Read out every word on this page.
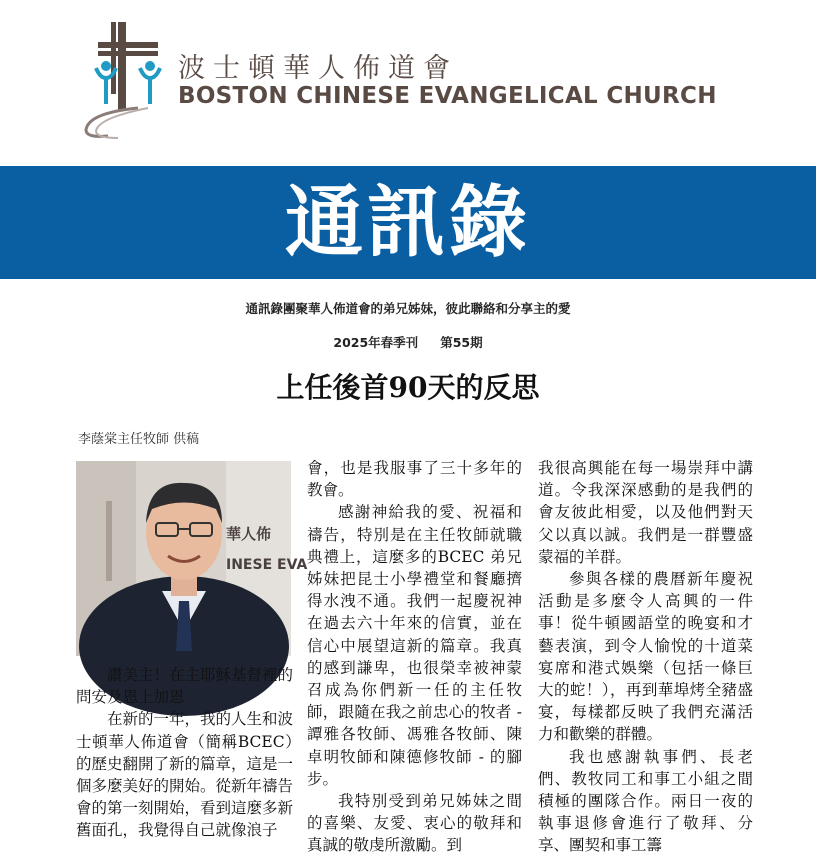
波士頓華人佈道會
BOSTON CHINESE EVANGELICAL CHURCH
通訊錄
通訊錄團聚華人佈道會的弟兄姊妹，彼此聯絡和分享主的愛
2025年春季刊 第55期
上任後首90天的反思
李蔭棠主任牧師 供稿
華人佈
INESE EVA

讚美主！在主耶穌基督裡的問安及恩上加恩

在新的一年，我的人生和波士頓華人佈道會（簡稱BCEC）的歷史翻開了新的篇章，這是一個多麼美好的開始。從新年禱告會的第一刻開始，看到這麼多新舊面孔，我覺得自己就像浪子

會，也是我服事了三十多年的教會。

感謝神給我的愛、祝福和禱告，特別是在主任牧師就職典禮上，這麼多的BCEC 弟兄姊妹把昆士小學禮堂和餐廳擠得水洩不通。我們一起慶祝神在過去六十年來的信實，並在信心中展望這新的篇章。我真的感到謙卑，也很榮幸被神蒙召成為你們新一任的主任牧師，跟隨在我之前忠心的牧者 - 譚雅各牧師、馮雅各牧師、陳卓明牧師和陳德修牧師 - 的腳步。

我特別受到弟兄姊妹之間的喜樂、友愛、衷心的敬拜和真誠的敬虔所激勵。到

我很高興能在每一場崇拜中講道。令我深深感動的是我們的會友彼此相愛，以及他們對天父以真以誠。我們是一群豐盛蒙福的羊群。

參與各樣的農曆新年慶祝活動是多麼令人高興的一件事！從牛頓國語堂的晚宴和才藝表演，到令人愉悅的十道菜宴席和港式娛樂（包括一條巨大的蛇！），再到華埠烤全豬盛宴，每樣都反映了我們充滿活力和歡樂的群體。

我也感謝執事們、長老們、教牧同工和事工小組之間積極的團隊合作。兩日一夜的執事退修會進行了敬拜、分享、團契和事工籌
